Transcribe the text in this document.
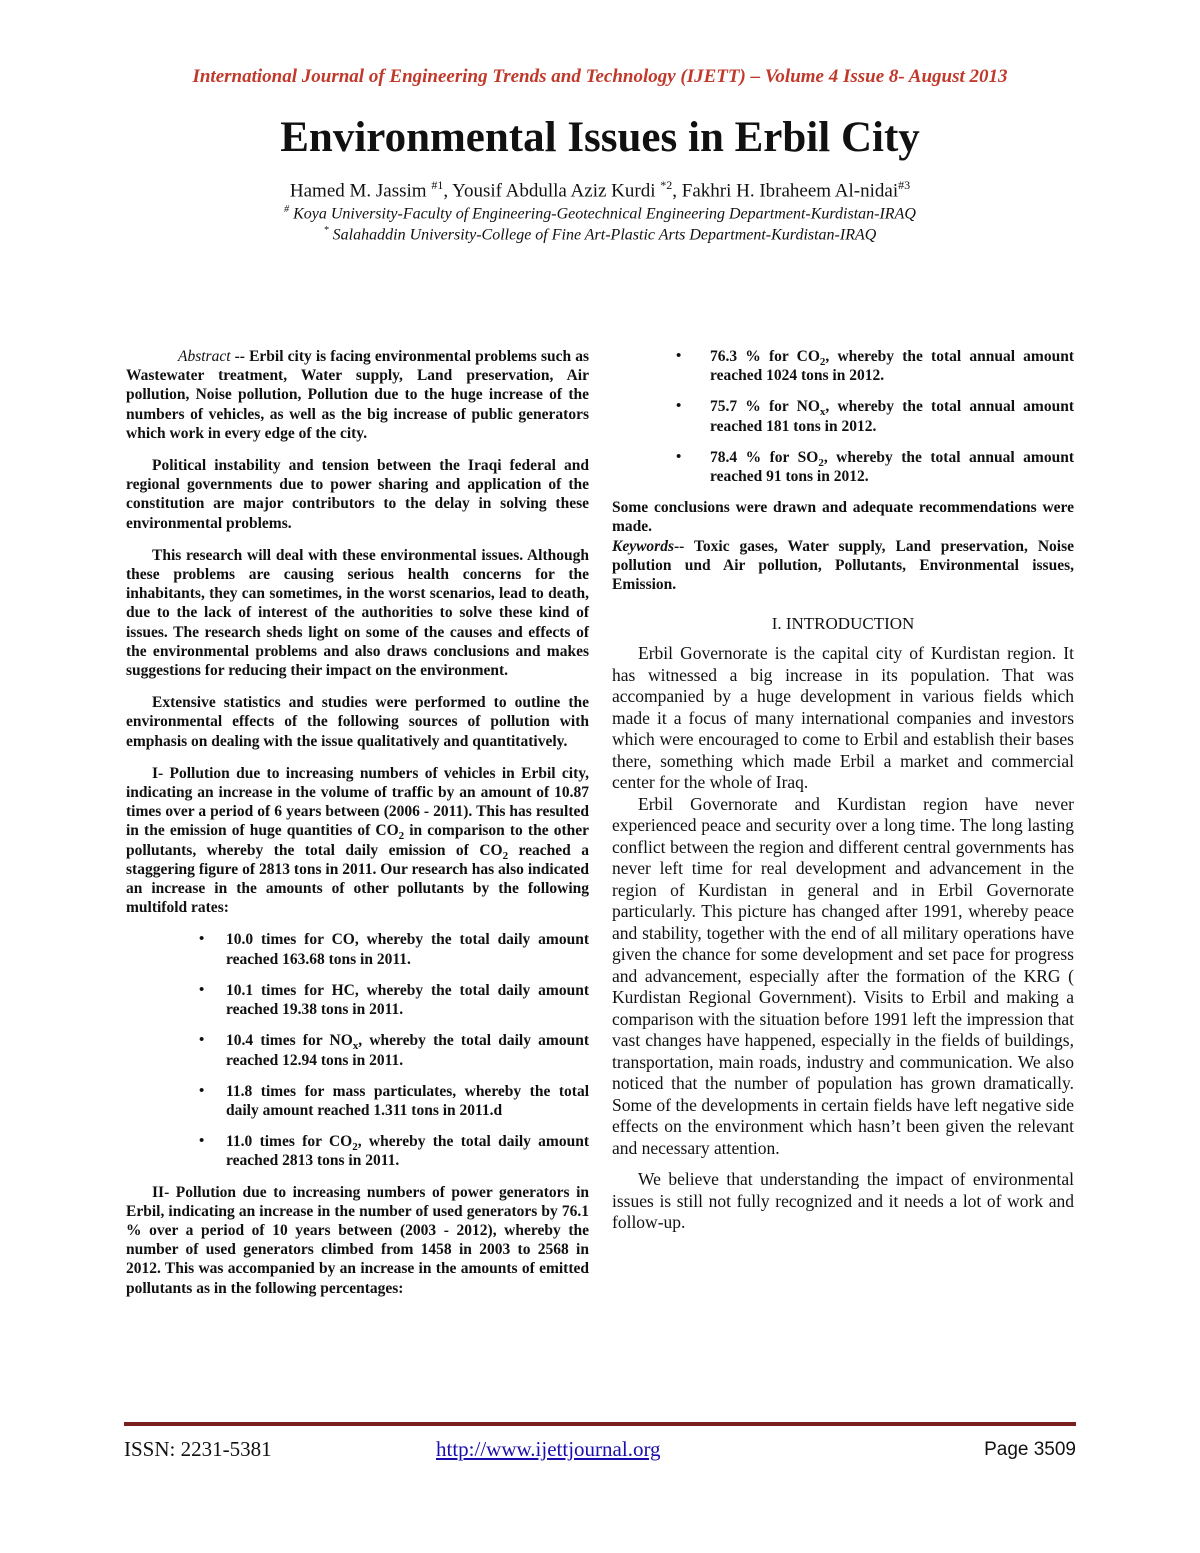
International Journal of Engineering Trends and Technology (IJETT) – Volume 4 Issue 8- August 2013
Environmental Issues in Erbil City
Hamed M. Jassim $^{\#1}$, Yousif Abdulla Aziz Kurdi $^{*2}$, Fakhri H. Ibraheem Al-nidai$^{\#3}$
# Koya University-Faculty of Engineering-Geotechnical Engineering Department-Kurdistan-IRAQ
* Salahaddin University-College of Fine Art-Plastic Arts Department-Kurdistan-IRAQ

Abstract -- Erbil city is facing environmental problems such as Wastewater treatment, Water supply, Land preservation, Air pollution, Noise pollution, Pollution due to the huge increase of the numbers of vehicles, as well as the big increase of public generators which work in every edge of the city.

Political instability and tension between the Iraqi federal and regional governments due to power sharing and application of the constitution are major contributors to the delay in solving these environmental problems.

This research will deal with these environmental issues. Although these problems are causing serious health concerns for the inhabitants, they can sometimes, in the worst scenarios, lead to death, due to the lack of interest of the authorities to solve these kind of issues. The research sheds light on some of the causes and effects of the environmental problems and also draws conclusions and makes suggestions for reducing their impact on the environment.

Extensive statistics and studies were performed to outline the environmental effects of the following sources of pollution with emphasis on dealing with the issue qualitatively and quantitatively.

I- Pollution due to increasing numbers of vehicles in Erbil city, indicating an increase in the volume of traffic by an amount of 10.87 times over a period of 6 years between (2006 - 2011). This has resulted in the emission of huge quantities of $CO_2$ in comparison to the other pollutants, whereby the total daily emission of $CO_2$ reached a staggering figure of 2813 tons in 2011. Our research has also indicated an increase in the amounts of other pollutants by the following multifold rates:

• 10.0 times for CO, whereby the total daily amount reached 163.68 tons in 2011.
• 10.1 times for HC, whereby the total daily amount reached 19.38 tons in 2011.
• 10.4 times for $NO_x$, whereby the total daily amount reached 12.94 tons in 2011.
• 11.8 times for mass particulates, whereby the total daily amount reached 1.311 tons in 2011.d
• 11.0 times for $CO_2$, whereby the total daily amount reached 2813 tons in 2011.

II- Pollution due to increasing numbers of power generators in Erbil, indicating an increase in the number of used generators by 76.1 % over a period of 10 years between (2003 - 2012), whereby the number of used generators climbed from 1458 in 2003 to 2568 in 2012. This was accompanied by an increase in the amounts of emitted pollutants as in the following percentages:

• 76.3 % for $CO_2$, whereby the total annual amount reached 1024 tons in 2012.
• 75.7 % for $NO_x$, whereby the total annual amount reached 181 tons in 2012.
• 78.4 % for $SO_2$, whereby the total annual amount reached 91 tons in 2012.

Some conclusions were drawn and adequate recommendations were made.

Keywords-- Toxic gases, Water supply, Land preservation, Noise pollution und Air pollution, Pollutants, Environmental issues, Emission.

I. INTRODUCTION

Erbil Governorate is the capital city of Kurdistan region. It has witnessed a big increase in its population. That was accompanied by a huge development in various fields which made it a focus of many international companies and investors which were encouraged to come to Erbil and establish their bases there, something which made Erbil a market and commercial center for the whole of Iraq.

Erbil Governorate and Kurdistan region have never experienced peace and security over a long time. The long lasting conflict between the region and different central governments has never left time for real development and advancement in the region of Kurdistan in general and in Erbil Governorate particularly. This picture has changed after 1991, whereby peace and stability, together with the end of all military operations have given the chance for some development and set pace for progress and advancement, especially after the formation of the KRG ( Kurdistan Regional Government). Visits to Erbil and making a comparison with the situation before 1991 left the impression that vast changes have happened, especially in the fields of buildings, transportation, main roads, industry and communication. We also noticed that the number of population has grown dramatically. Some of the developments in certain fields have left negative side effects on the environment which hasn’t been given the relevant and necessary attention.

We believe that understanding the impact of environmental issues is still not fully recognized and it needs a lot of work and follow-up.

ISSN: 2231-5381	http://www.ijettjournal.org	Page 3509
